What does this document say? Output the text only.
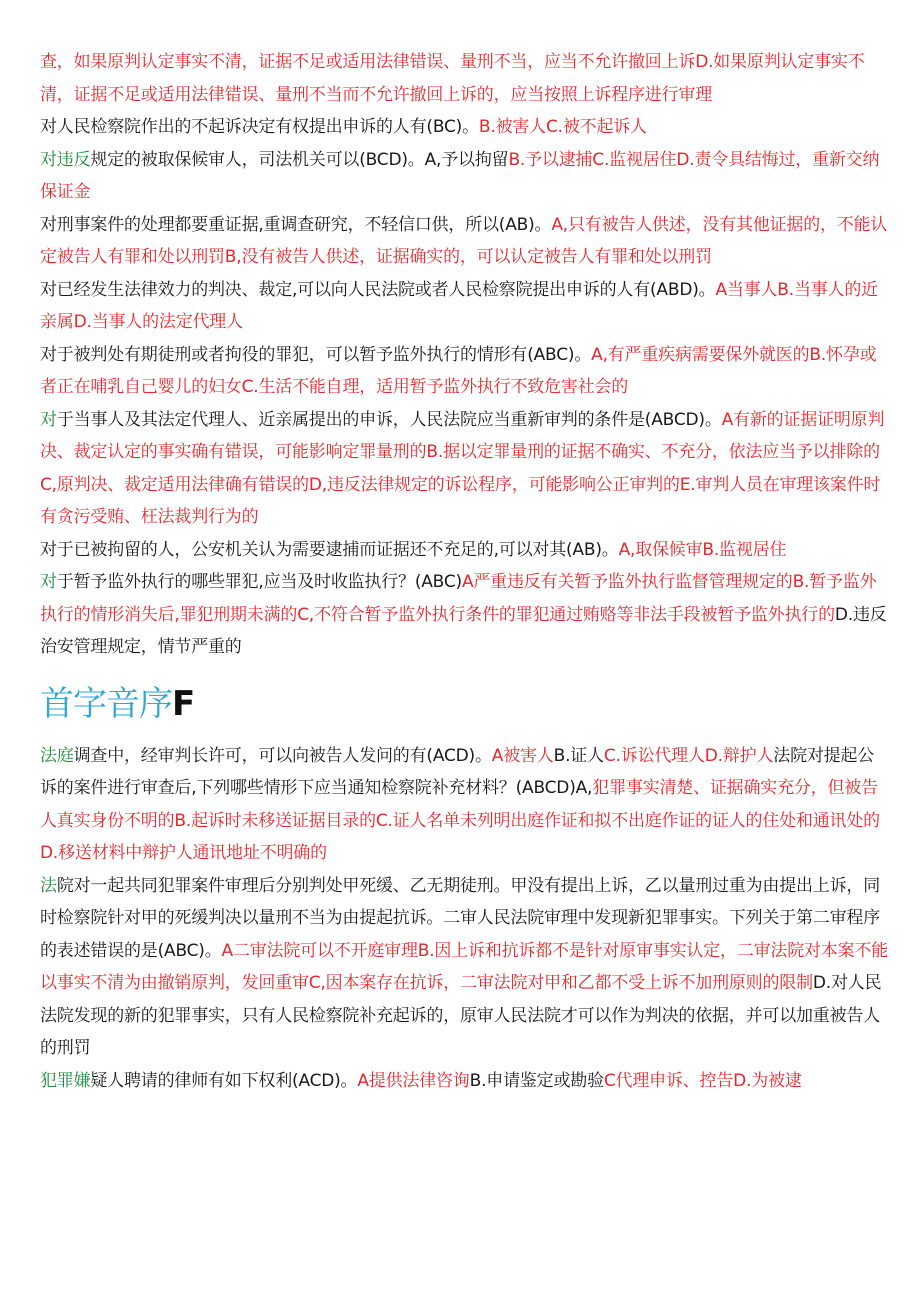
查，如果原判认定事实不清，证据不足或适用法律错误、量刑不当，应当不允许撤回上诉D.如果原判认定事实不清，证据不足或适用法律错误、量刑不当而不允许撤回上诉的，应当按照上诉程序进行审理
对人民检察院作出的不起诉决定有权提出申诉的人有(BC)。B.被害人C.被不起诉人
对违反规定的被取保候审人，司法机关可以(BCD)。A,予以拘留B.予以逮捕C.监视居住D.责令具结悔过，重新交纳保证金
对刑事案件的处理都要重证据,重调查研究，不轻信口供，所以(AB)。A,只有被告人供述，没有其他证据的，不能认定被告人有罪和处以刑罚B,没有被告人供述，证据确实的，可以认定被告人有罪和处以刑罚
对已经发生法律效力的判决、裁定,可以向人民法院或者人民检察院提出申诉的人有(ABD)。A当事人B.当事人的近亲属D.当事人的法定代理人
对于被判处有期徒刑或者拘役的罪犯，可以暂予监外执行的情形有(ABC)。A,有严重疾病需要保外就医的B.怀孕或者正在哺乳自己婴儿的妇女C.生活不能自理，适用暂予监外执行不致危害社会的
对于当事人及其法定代理人、近亲属提出的申诉，人民法院应当重新审判的条件是(ABCD)。A有新的证据证明原判决、裁定认定的事实确有错误，可能影响定罪量刑的B.据以定罪量刑的证据不确实、不充分，依法应当予以排除的C,原判决、裁定适用法律确有错误的D,违反法律规定的诉讼程序，可能影响公正审判的E.审判人员在审理该案件时有贪污受贿、枉法裁判行为的
对于已被拘留的人，公安机关认为需要逮捕而证据还不充足的,可以对其(AB)。A,取保候审B.监视居住
对于暂予监外执行的哪些罪犯,应当及时收监执行？(ABC)A严重违反有关暂予监外执行监督管理规定的B.暂予监外执行的情形消失后,罪犯刑期未满的C,不符合暂予监外执行条件的罪犯通过贿赂等非法手段被暂予监外执行的D.违反治安管理规定，情节严重的
首字音序F
法庭调查中，经审判长许可，可以向被告人发问的有(ACD)。A被害人B.证人C.诉讼代理人D.辩护人法院对提起公诉的案件进行审查后,下列哪些情形下应当通知检察院补充材料？(ABCD)A,犯罪事实清楚、证据确实充分，但被告人真实身份不明的B.起诉时未移送证据目录的C.证人名单未列明出庭作证和拟不出庭作证的证人的住处和通讯处的D.移送材料中辩护人通讯地址不明确的
法院对一起共同犯罪案件审理后分别判处甲死缓、乙无期徒刑。甲没有提出上诉，乙以量刑过重为由提出上诉，同时检察院针对甲的死缓判决以量刑不当为由提起抗诉。二审人民法院审理中发现新犯罪事实。下列关于第二审程序的表述错误的是(ABC)。A二审法院可以不开庭审理B.因上诉和抗诉都不是针对原审事实认定，二审法院对本案不能以事实不清为由撤销原判，发回重审C,因本案存在抗诉，二审法院对甲和乙都不受上诉不加刑原则的限制D.对人民法院发现的新的犯罪事实，只有人民检察院补充起诉的，原审人民法院才可以作为判决的依据，并可以加重被告人的刑罚
犯罪嫌疑人聘请的律师有如下权利(ACD)。A提供法律咨询B.申请鉴定或勘验C代理申诉、控告D.为被逮
